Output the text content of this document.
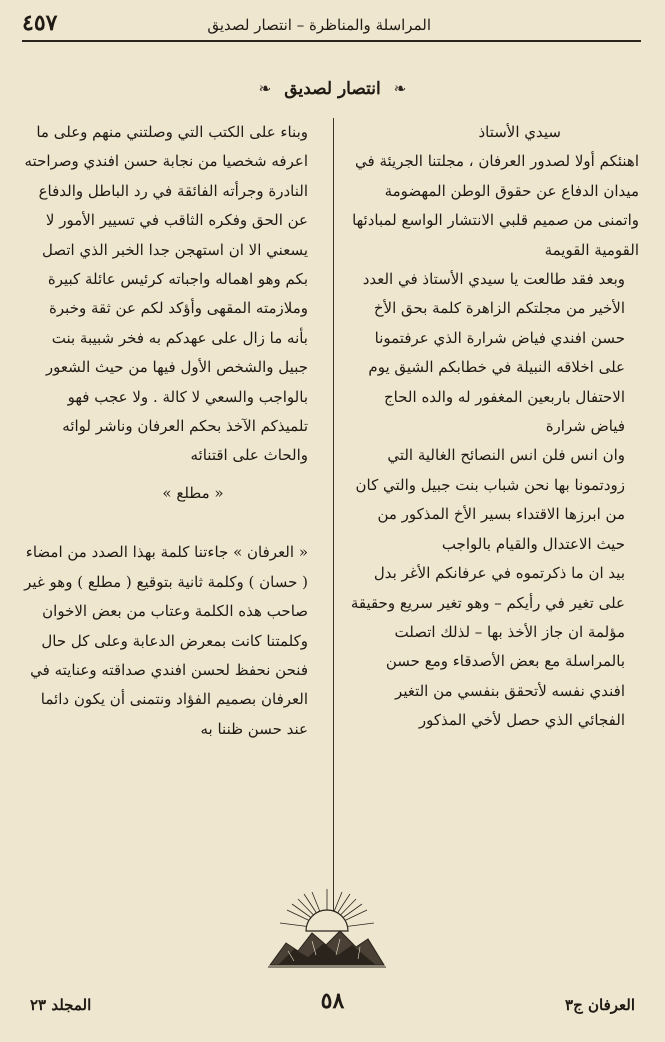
المراسلة والمناظرة – انتصار لصديق
٤٥٧
❧ انتصار لصديق ❧

سيدي الأستاذ

اهنئكم أولا لصدور العرفان ، مجلتنا الجريئة في ميدان الدفاع عن حقوق الوطن المهضومة واتمنى من صميم قلبي الانتشار الواسع لمبادئها القومية القويمة

وبعد فقد طالعت يا سيدي الأستاذ في العدد الأخير من مجلتكم الزاهرة كلمة بحق الأخ حسن افندي فياض شرارة الذي عرفتمونا على اخلاقه النبيلة في خطابكم الشيق يوم الاحتفال باربعين المغفور له والده الحاج فياض شرارة

وان انس فلن انس النصائح الغالية التي زودتمونا بها نحن شباب بنت جبيل والتي كان من ابرزها الاقتداء بسير الأخ المذكور من حيث الاعتدال والقيام بالواجب

بيد ان ما ذكرتموه في عرفانكم الأغر بدل على تغير في رأيكم – وهو تغير سريع وحقيقة مؤلمة ان جاز الأخذ بها – لذلك اتصلت بالمراسلة مع بعض الأصدقاء ومع حسن افندي نفسه لأتحقق بنفسي من التغير الفجائي الذي حصل لأخي المذكور

وبناء على الكتب التي وصلتني منهم وعلى ما اعرفه شخصيا من نجابة حسن افندي وصراحته النادرة وجرأته الفائقة في رد الباطل والدفاع عن الحق وفكره الثاقب في تسيير الأمور لا يسعني الا ان استهجن جدا الخبر الذي اتصل بكم وهو اهماله واجباته كرئيس عائلة كبيرة وملازمته المقهى وأؤكد لكم عن ثقة وخبرة بأنه ما زال على عهدكم به فخر شبيبة بنت جبيل والشخص الأول فيها من حيث الشعور بالواجب والسعي لا كالة . ولا عجب فهو تلميذكم الآخذ بحكم العرفان وناشر لوائه والحاث على اقتنائه

« مطلع »

« العرفان » جاءتنا كلمة بهذا الصدد من امضاء ( حسان ) وكلمة ثانية بتوقيع ( مطلع ) وهو غير صاحب هذه الكلمة وعتاب من بعض الاخوان وكلمتنا كانت بمعرض الدعابة وعلى كل حال فنحن نحفظ لحسن افندي صداقته وعنايته في العرفان بصميم الفؤاد ونتمنى أن يكون دائما عند حسن ظننا به

العرفان ج٣
٥٨
المجلد ٢٣
